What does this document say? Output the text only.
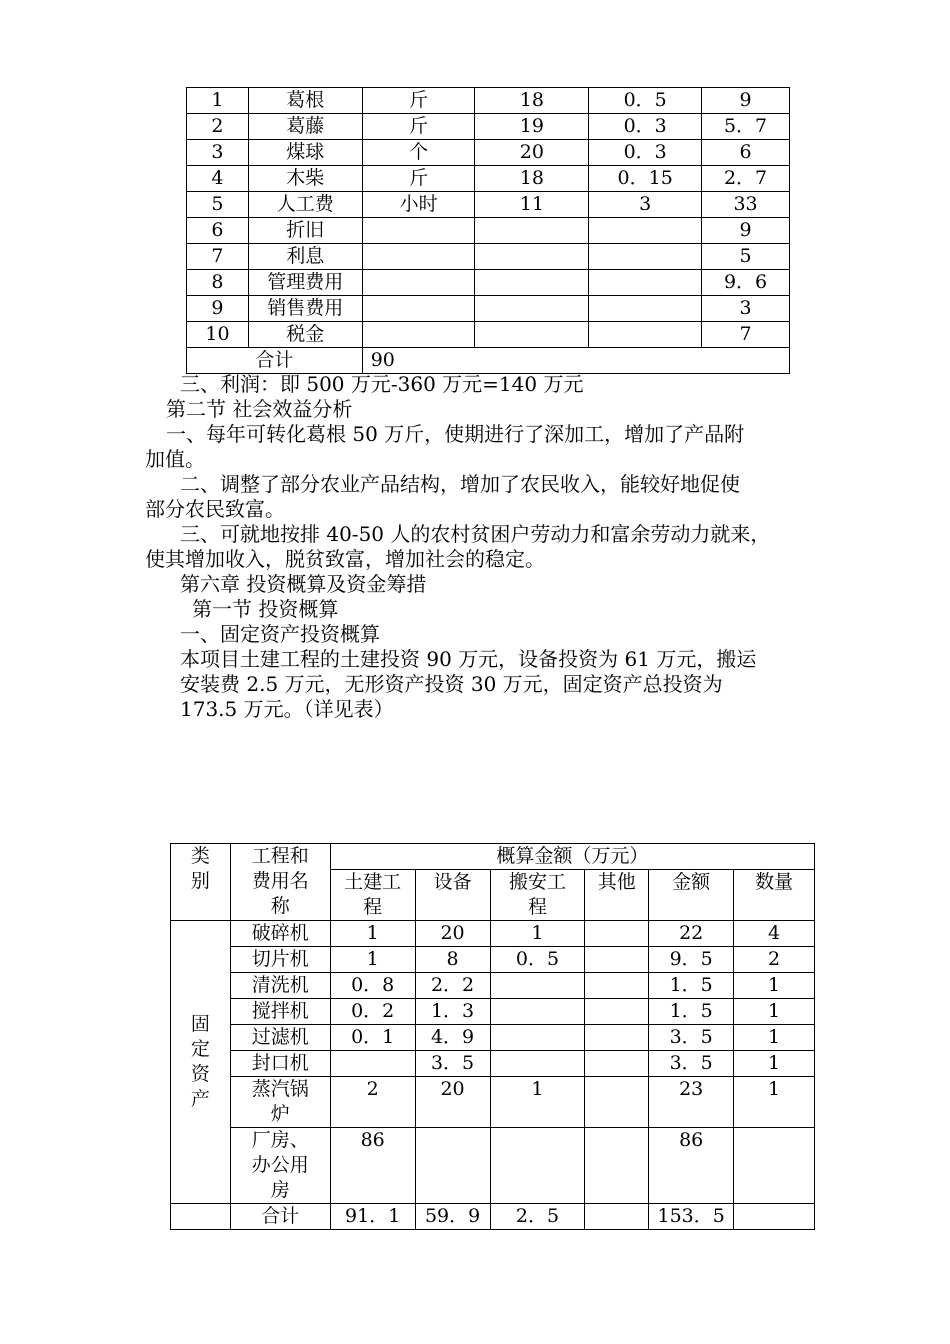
1	葛根	斤	18	0．5	9
2	葛藤	斤	19	0．3	5．7
3	煤球	个	20	0．3	6
4	木柴	斤	18	0．15	2．7
5	人工费	小时	11	3	33
6	折旧				9
7	利息				5
8	管理费用				9．6
9	销售费用				3
10	税金				7
合计		90			
三、利润：即 500 万元-360 万元=140 万元
第二节 社会效益分析
一、每年可转化葛根 50 万斤，使期进行了深加工，增加了产品附
加值。
二、调整了部分农业产品结构，增加了农民收入，能较好地促使
部分农民致富。
三、可就地按排 40-50 人的农村贫困户劳动力和富余劳动力就来，
使其增加收入，脱贫致富，增加社会的稳定。
第六章 投资概算及资金筹措
第一节 投资概算
一、固定资产投资概算
本项目土建工程的土建投资 90 万元，设备投资为 61 万元，搬运
安装费 2.5 万元，无形资产投资 30 万元，固定资产总投资为
173.5 万元。（详见表）
类别	工程和费用名称	概算金额（万元）					

		土建工程	设备	搬安工程	其他	金额	数量

固定资产	破碎机	1	20	1		22	4

	切片机	1	8	0．5		9．5	2

	清洗机	0．8	2．2			1．5	1

	搅拌机	0．2	1．3			1．5	1

	过滤机	0．1	4．9			3．5	1

	封口机		3．5			3．5	1

	蒸汽锅炉	2	20	1		23	1

	厂房、办公用房	86				86	
	合计	91．1	59．9	2．5		153．5	
